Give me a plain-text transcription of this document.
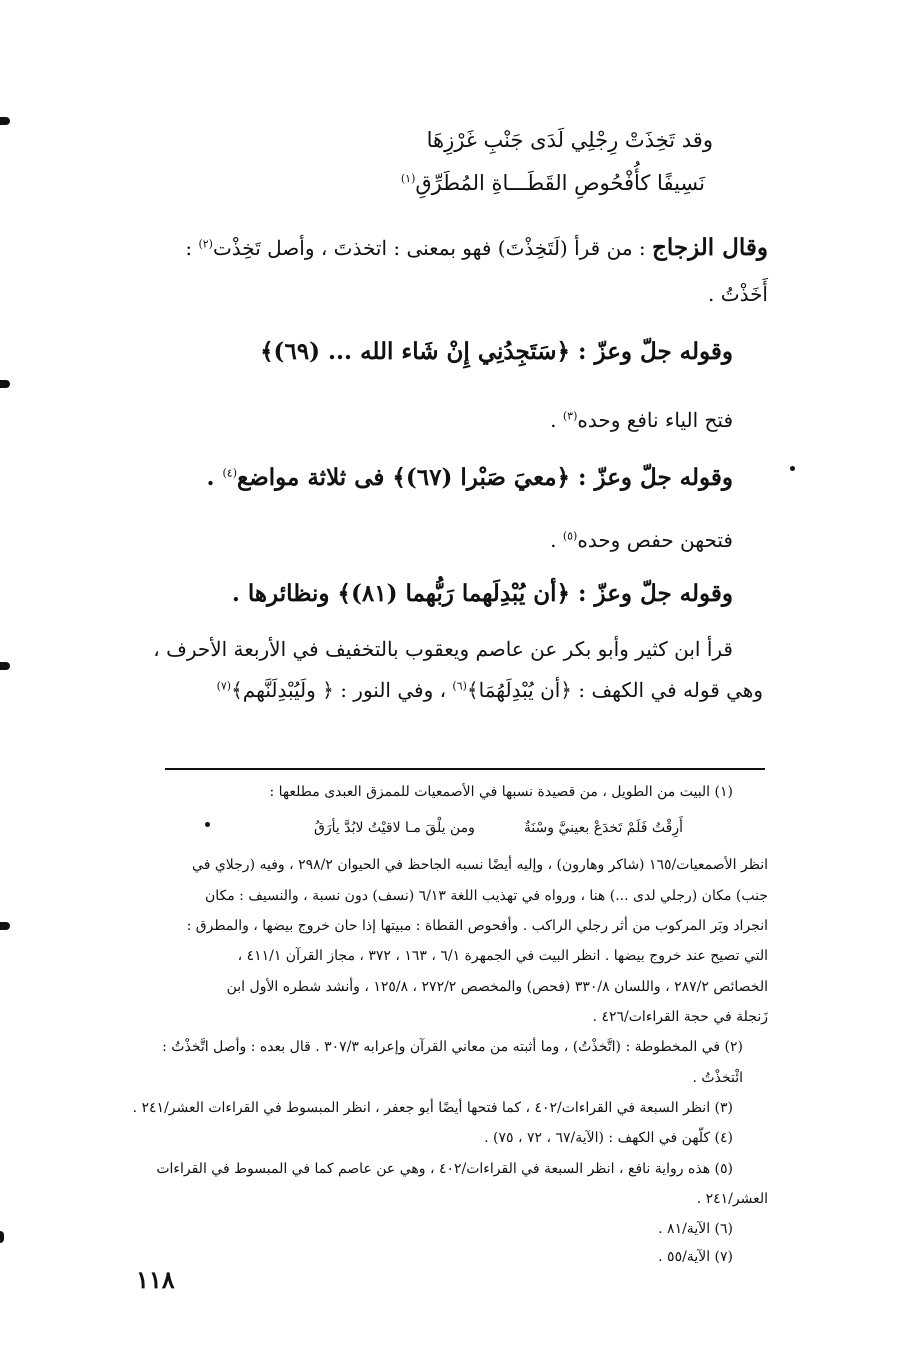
وقد تَخِذَتْ رِجْلِي لَدَى جَنْبِ غَرْزِهَا
نَسِيفًا كأُفْحُوصِ القَطَـــاةِ المُطَرِّقِ$^{(١)}$
وقال الزجاج : من قرأ (لَتَخِذْتَ) فهو بمعنى : اتخذتَ ، وأصل تَخِذْت$^{(٢)}$ :
أَخَذْتُ .
وقوله جلّ وعزّ : ﴿سَتَجِدُنِي إِنْ شَاء الله ... (٦٩)﴾
فتح الياء نافع وحده$^{(٣)}$ .
وقوله جلّ وعزّ : ﴿معيَ صَبْرا (٦٧)﴾ فى ثلاثة مواضع$^{(٤)}$ .
فتحهن حفص وحده$^{(٥)}$ .
وقوله جلّ وعزّ : ﴿أن يُبْدِلَهما رَبُّهما (٨١)﴾ ونظائرها .
قرأ ابن كثير وأبو بكر عن عاصم ويعقوب بالتخفيف في الأربعة الأحرف ،
وهي قوله في الكهف : ﴿أن يُبْدِلَهُمَا﴾$^{(٦)}$ ، وفي النور : ﴿ ولَيُبْدِلَنَّهم﴾$^{(٧)}$
(١) البيت من الطويل ، من قصيدة نسبها في الأصمعيات للممزق العبدى مطلعها :
أَرِقْتُ فَلَمْ تَخدَعْ بعينيَّ وسْنَةٌ  ومن يلْقَ مـا لاقيْتُ لابُدَّ يأرَقُ
انظر الأصمعيات/١٦٥ (شاكر وهارون) ، وإليه أيضًا نسبه الجاحظ في الحيوان ٢٩٨/٢ ، وفيه (رجلاي في
جنب) مكان (رجلي لدى ...) هنا ، ورواه في تهذيب اللغة ٦/١٣ (نسف) دون نسبة ، والنسيف : مكان
انجراد وبَر المركوب من أثر رجلي الراكب . وأفحوص القطاة : مبيتها إذا حان خروج بيضها ، والمطرق :
التي تصيح عند خروج بيضها . انظر البيت في الجمهرة ٦/١ ، ١٦٣ ، ٣٧٢ ، مجاز القرآن ٤١١/١ ،
الخصائص ٢٨٧/٢ ، واللسان ٣٣٠/٨ (فحص) والمخصص ٢٧٢/٢ ، ١٢٥/٨ ، وأنشد شطره الأول ابن
زَنجلة في حجة القراءات/٤٢٦ .
(٢) في المخطوطة : (اتَّخذْتُ) ، وما أثبته من معاني القرآن وإعرابه ٣٠٧/٣ . قال بعده : وأصل اتَّخذْتُ :
ائْتخذْتُ .
(٣) انظر السبعة في القراءات/٤٠٢ ، كما فتحها أيضًا أبو جعفر ، انظر المبسوط في القراءات العشر/٢٤١ .
(٤) كلّهن في الكهف : (الآية/٦٧ ، ٧٢ ، ٧٥) .
(٥) هذه رواية نافع ، انظر السبعة في القراءات/٤٠٢ ، وهي عن عاصم كما في المبسوط في القراءات
العشر/٢٤١ .
(٦) الآية/٨١ .
(٧) الآية/٥٥ .
١١٨
